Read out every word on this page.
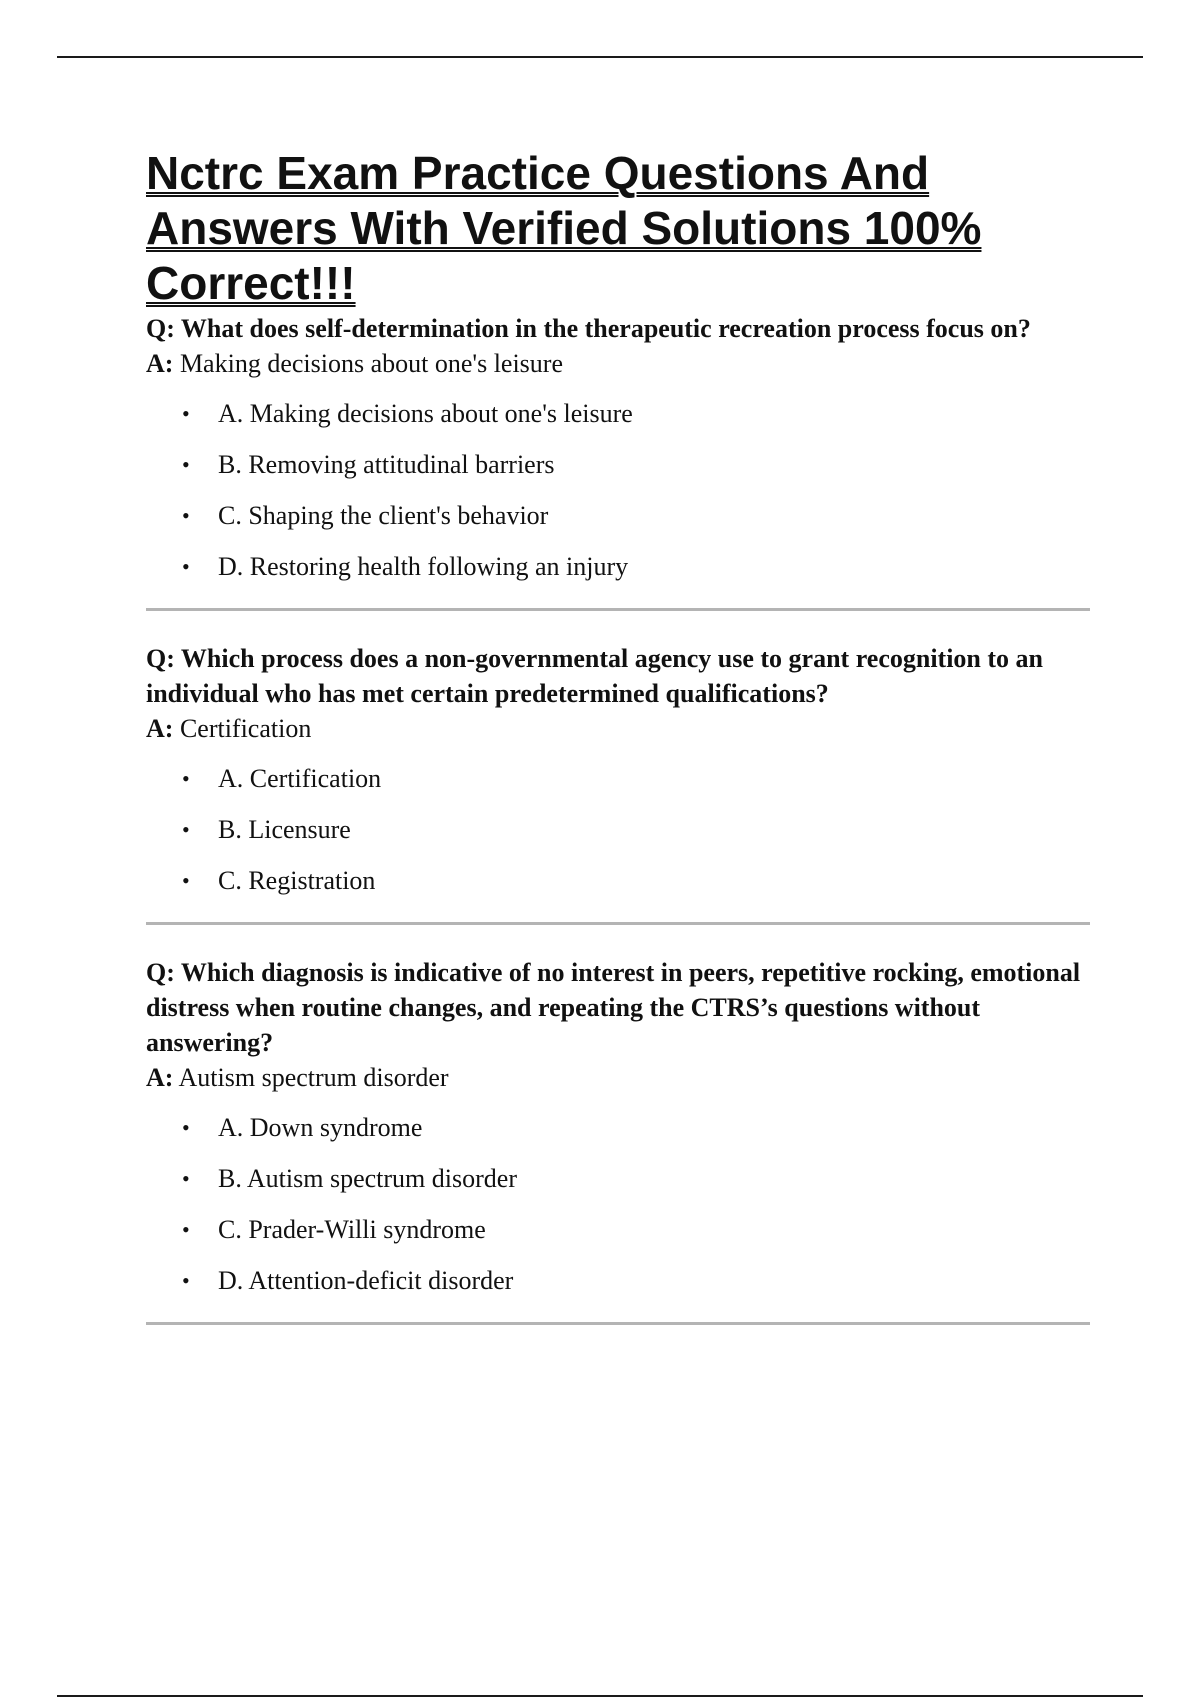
Nctrc Exam Practice Questions And Answers With Verified Solutions 100% Correct!!!

Q: What does self-determination in the therapeutic recreation process focus on?

A: Making decisions about one's leisure

• A. Making decisions about one's leisure
• B. Removing attitudinal barriers
• C. Shaping the client's behavior
• D. Restoring health following an injury

Q: Which process does a non-governmental agency use to grant recognition to an individual who has met certain predetermined qualifications?

A: Certification

• A. Certification
• B. Licensure
• C. Registration

Q: Which diagnosis is indicative of no interest in peers, repetitive rocking, emotional distress when routine changes, and repeating the CTRS’s questions without answering?

A: Autism spectrum disorder

• A. Down syndrome
• B. Autism spectrum disorder
• C. Prader-Willi syndrome
• D. Attention-deficit disorder
